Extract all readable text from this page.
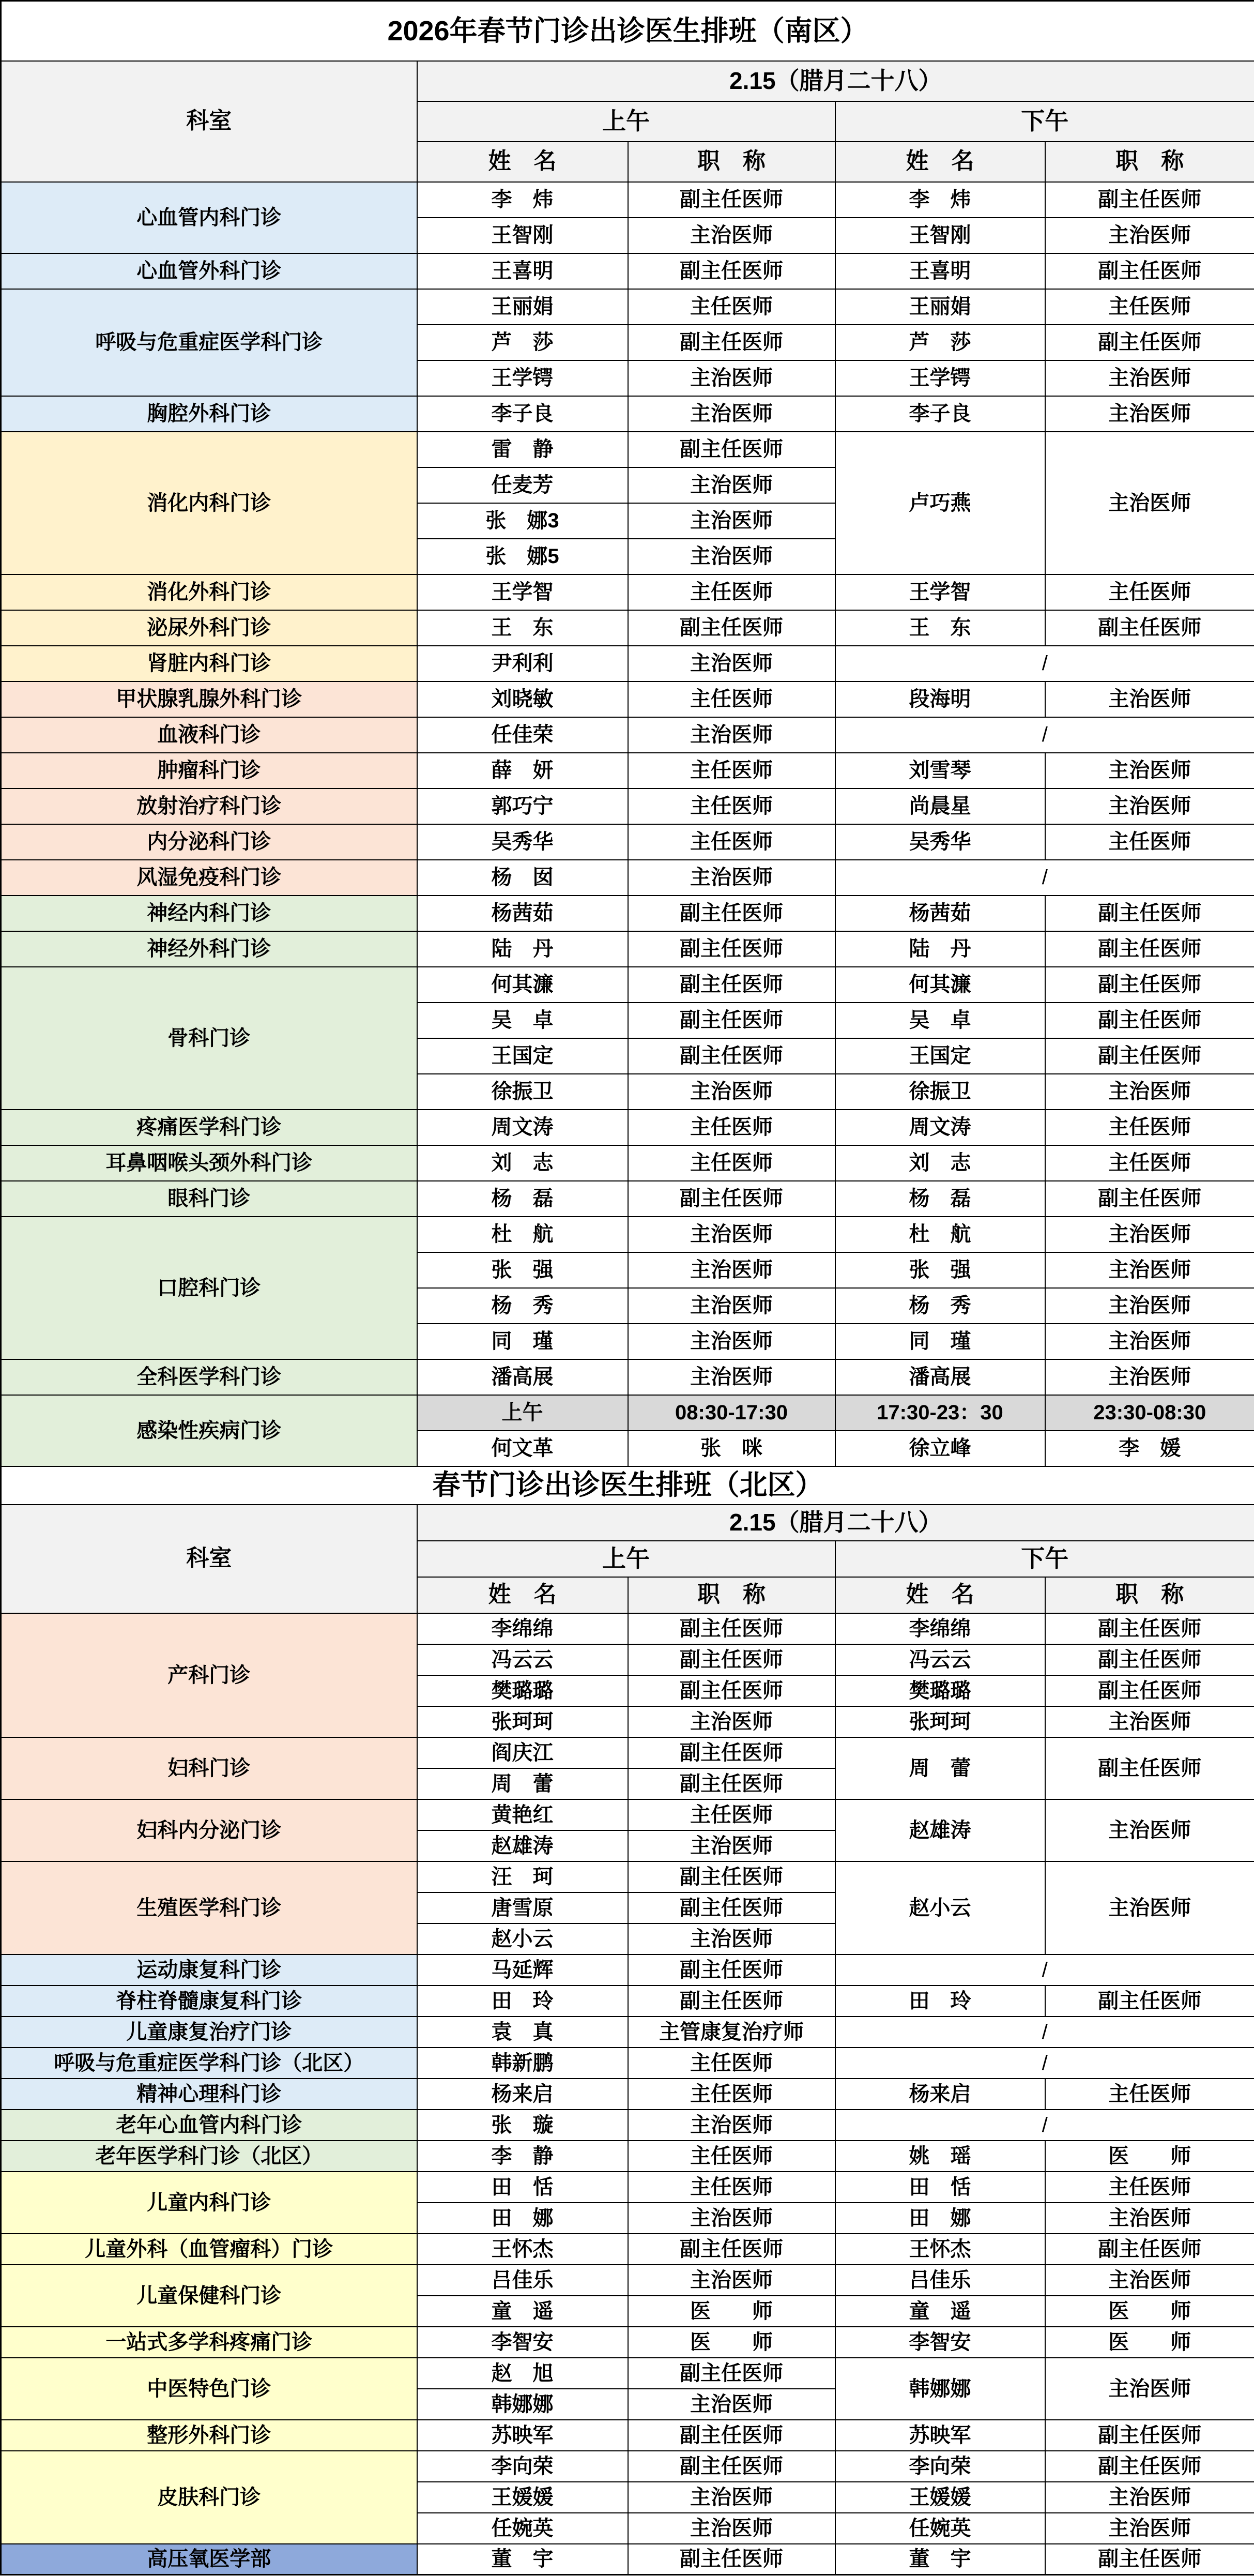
2026年春节门诊出诊医生排班（南区）				
科室	2.15（腊月二十八）			
	上午		下午	
	姓　名	职　称	姓　名	职　称
心血管内科门诊	李　炜	副主任医师	李　炜	副主任医师
	王智刚	主治医师	王智刚	主治医师
心血管外科门诊	王喜明	副主任医师	王喜明	副主任医师
呼吸与危重症医学科门诊	王丽娟	主任医师	王丽娟	主任医师
	芦　莎	副主任医师	芦　莎	副主任医师
	王学锷	主治医师	王学锷	主治医师
胸腔外科门诊	李子良	主治医师	李子良	主治医师
消化内科门诊	雷　静	副主任医师	卢巧燕	主治医师
	任麦芳	主治医师		
	张　娜3	主治医师		
	张　娜5	主治医师		
消化外科门诊	王学智	主任医师	王学智	主任医师
泌尿外科门诊	王　东	副主任医师	王　东	副主任医师
肾脏内科门诊	尹利利	主治医师	/	
甲状腺乳腺外科门诊	刘晓敏	主任医师	段海明	主治医师
血液科门诊	任佳荣	主治医师	/	
肿瘤科门诊	薛　妍	主任医师	刘雪琴	主治医师
放射治疗科门诊	郭巧宁	主任医师	尚晨星	主治医师
内分泌科门诊	吴秀华	主任医师	吴秀华	主任医师
风湿免疫科门诊	杨　囡	主治医师	/	
神经内科门诊	杨茜茹	副主任医师	杨茜茹	副主任医师
神经外科门诊	陆　丹	副主任医师	陆　丹	副主任医师
骨科门诊	何其濂	副主任医师	何其濂	副主任医师
	吴　卓	副主任医师	吴　卓	副主任医师
	王国定	副主任医师	王国定	副主任医师
	徐振卫	主治医师	徐振卫	主治医师
疼痛医学科门诊	周文涛	主任医师	周文涛	主任医师
耳鼻咽喉头颈外科门诊	刘　志	主任医师	刘　志	主任医师
眼科门诊	杨　磊	副主任医师	杨　磊	副主任医师
口腔科门诊	杜　航	主治医师	杜　航	主治医师
	张　强	主治医师	张　强	主治医师
	杨　秀	主治医师	杨　秀	主治医师
	同　瑾	主治医师	同　瑾	主治医师
全科医学科门诊	潘高展	主治医师	潘高展	主治医师
感染性疾病门诊	上午	08:30-17:30	17:30-23：30	23:30-08:30
	何文革	张　咪	徐立峰	李　媛
春节门诊出诊医生排班（北区）				
科室	2.15（腊月二十八）			
	上午		下午	
	姓　名	职　称	姓　名	职　称
产科门诊	李绵绵	副主任医师	李绵绵	副主任医师
	冯云云	副主任医师	冯云云	副主任医师
	樊璐璐	副主任医师	樊璐璐	副主任医师
	张珂珂	主治医师	张珂珂	主治医师
妇科门诊	阎庆江	副主任医师	周　蕾	副主任医师
	周　蕾	副主任医师		
妇科内分泌门诊	黄艳红	主任医师	赵雄涛	主治医师
	赵雄涛	主治医师		
生殖医学科门诊	汪　珂	副主任医师	赵小云	主治医师
	唐雪原	副主任医师		
	赵小云	主治医师		
运动康复科门诊	马延辉	副主任医师	/	
脊柱脊髓康复科门诊	田　玲	副主任医师	田　玲	副主任医师
儿童康复治疗门诊	袁　真	主管康复治疗师	/	
呼吸与危重症医学科门诊（北区）	韩新鹏	主任医师	/	
精神心理科门诊	杨来启	主任医师	杨来启	主任医师
老年心血管内科门诊	张　璇	主治医师	/	
老年医学科门诊（北区）	李　静	主任医师	姚　瑶	医　　师
儿童内科门诊	田　恬	主任医师	田　恬	主任医师
	田　娜	主治医师	田　娜	主治医师
儿童外科（血管瘤科）门诊	王怀杰	副主任医师	王怀杰	副主任医师
儿童保健科门诊	吕佳乐	主治医师	吕佳乐	主治医师
	童　遥	医　　师	童　遥	医　　师
一站式多学科疼痛门诊	李智安	医　　师	李智安	医　　师
中医特色门诊	赵　旭	副主任医师	韩娜娜	主治医师
	韩娜娜	主治医师		
整形外科门诊	苏映军	副主任医师	苏映军	副主任医师
皮肤科门诊	李向荣	副主任医师	李向荣	副主任医师
	王媛媛	主治医师	王媛媛	主治医师
	任婉英	主治医师	任婉英	主治医师
高压氧医学部	董　宇	副主任医师	董　宇	副主任医师
